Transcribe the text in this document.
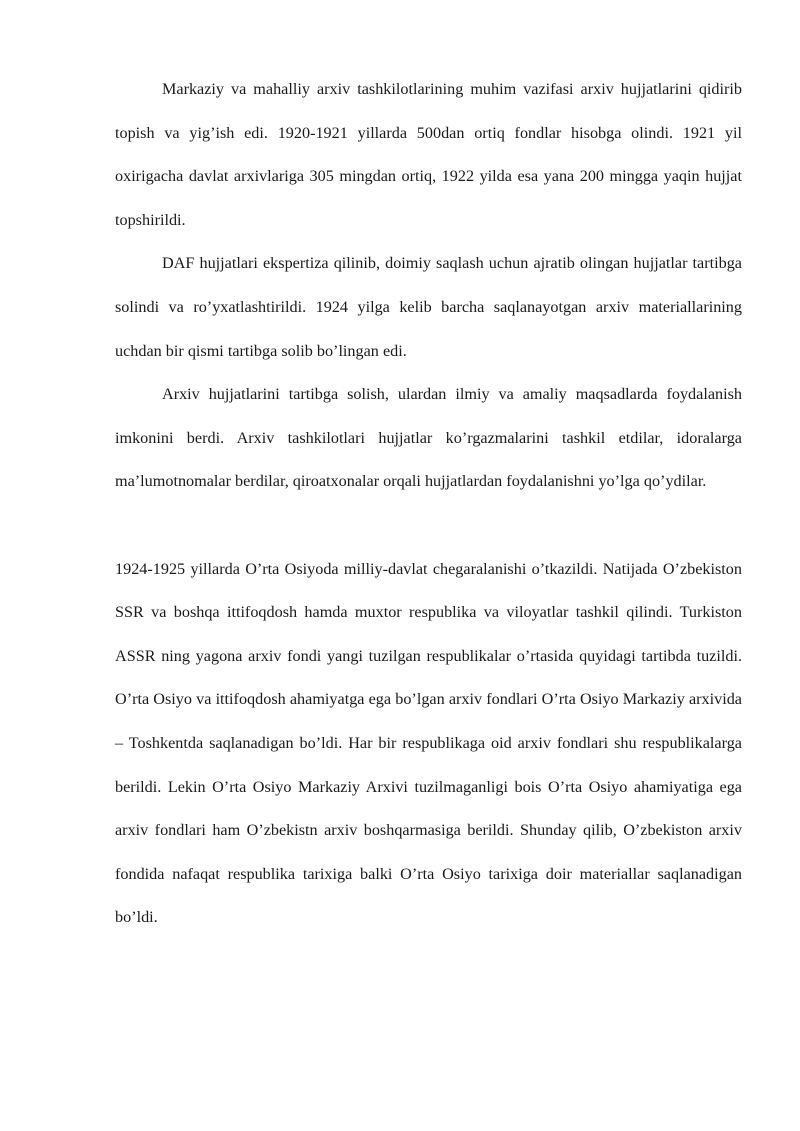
Markaziy va mahalliy arxiv tashkilotlarining muhim vazifasi arxiv hujjatlarini qidirib topish va yig’ish edi. 1920-1921 yillarda 500dan ortiq fondlar hisobga olindi. 1921 yil oxirigacha davlat arxivlariga 305 mingdan ortiq, 1922 yilda esa yana 200 mingga yaqin hujjat topshirildi.

DAF hujjatlari ekspertiza qilinib, doimiy saqlash uchun ajratib olingan hujjatlar tartibga solindi va ro’yxatlashtirildi. 1924 yilga kelib barcha saqlanayotgan arxiv materiallarining uchdan bir qismi tartibga solib bo’lingan edi.

Arxiv hujjatlarini tartibga solish, ulardan ilmiy va amaliy maqsadlarda foydalanish imkonini berdi. Arxiv tashkilotlari hujjatlar ko’rgazmalarini tashkil etdilar, idoralarga ma’lumotnomalar berdilar, qiroatxonalar orqali hujjatlardan foydalanishni yo’lga qo’ydilar.

1924-1925 yillarda O’rta Osiyoda milliy-davlat chegaralanishi o’tkazildi. Natijada O’zbekiston SSR va boshqa ittifoqdosh hamda muxtor respublika va viloyatlar tashkil qilindi. Turkiston ASSR ning yagona arxiv fondi yangi tuzilgan respublikalar o’rtasida quyidagi tartibda tuzildi. O’rta Osiyo va ittifoqdosh ahamiyatga ega bo’lgan arxiv fondlari O’rta Osiyo Markaziy arxivida – Toshkentda saqlanadigan bo’ldi. Har bir respublikaga oid arxiv fondlari shu respublikalarga berildi. Lekin O’rta Osiyo Markaziy Arxivi tuzilmaganligi bois O’rta Osiyo ahamiyatiga ega arxiv fondlari ham O’zbekistn arxiv boshqarmasiga berildi. Shunday qilib, O’zbekiston arxiv fondida nafaqat respublika tarixiga balki O’rta Osiyo tarixiga doir materiallar saqlanadigan bo’ldi.
